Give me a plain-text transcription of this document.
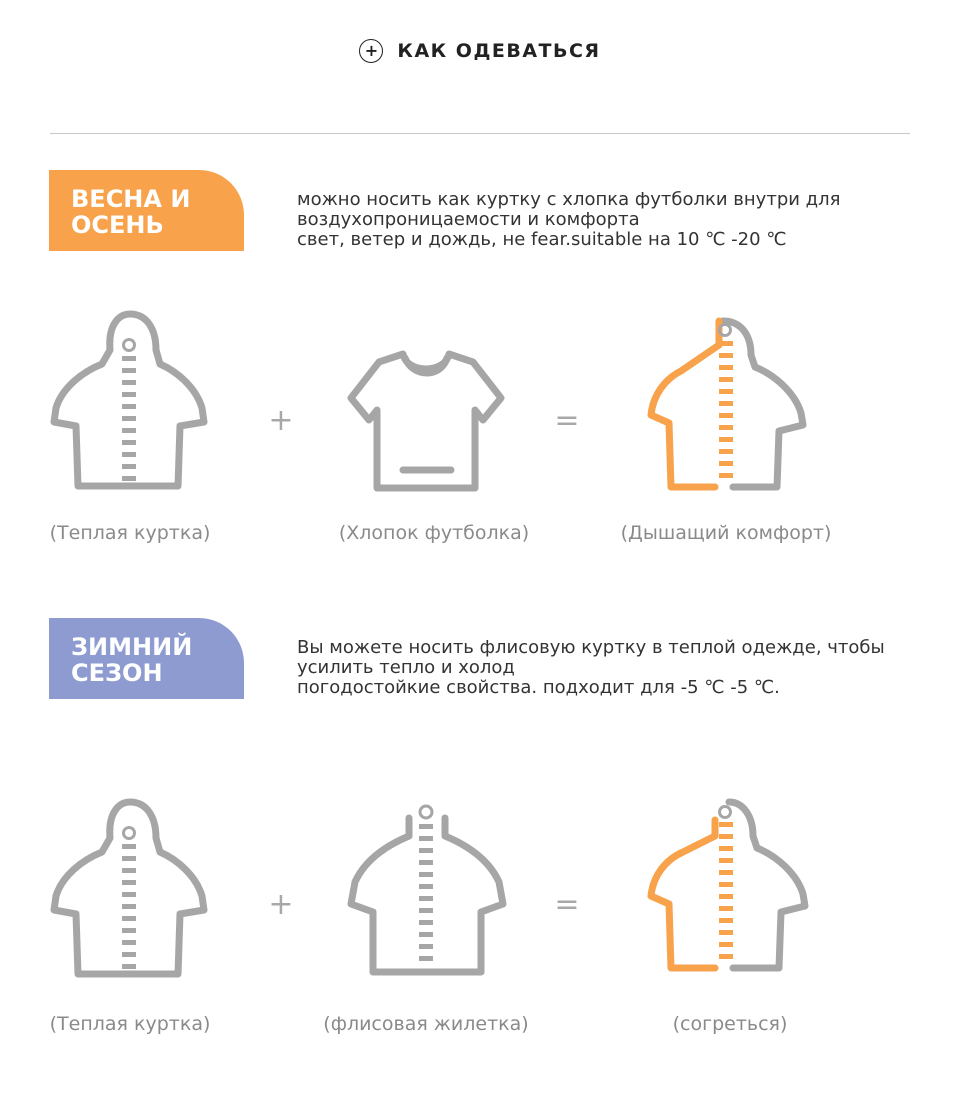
+ КАК ОДЕВАТЬСЯ
ВЕСНА И
ОСЕНЬ
можно носить как куртку с хлопка футболки внутри для
воздухопроницаемости и комфорта
свет, ветер и дождь, не fear.suitable на 10 ℃ -20 ℃
+	=
(Теплая куртка)	(Хлопок футболка)	(Дышащий комфорт)
ЗИМНИЙ
СЕЗОН
Вы можете носить флисовую куртку в теплой одежде, чтобы
усилить тепло и холод
погодостойкие свойства. подходит для -5 ℃ -5 ℃.
+	=
(Теплая куртка)	(флисовая жилетка)	(согреться)
